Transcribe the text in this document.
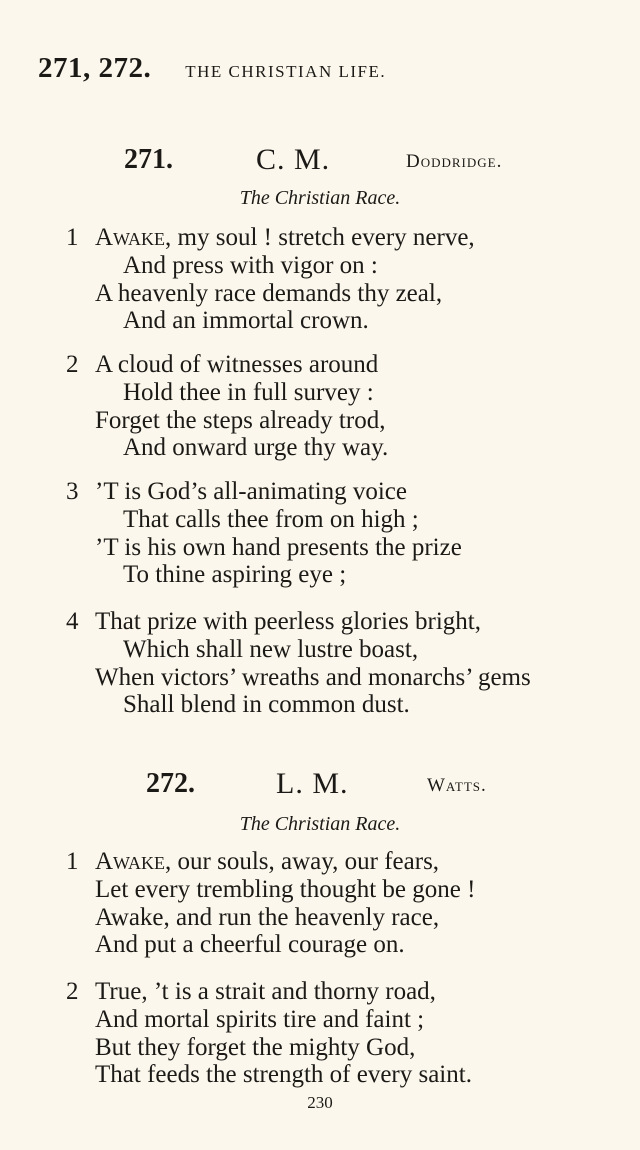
271, 272. THE CHRISTIAN LIFE.
271.	C. M.	Doddridge.
The Christian Race.
1 Awake, my soul ! stretch every nerve,
And press with vigor on :
A heavenly race demands thy zeal,
And an immortal crown.
2 A cloud of witnesses around
Hold thee in full survey :
Forget the steps already trod,
And onward urge thy way.
3 ’T is God’s all-animating voice
That calls thee from on high ;
’T is his own hand presents the prize
To thine aspiring eye ;
4 That prize with peerless glories bright,
Which shall new lustre boast,
When victors’ wreaths and monarchs’ gems
Shall blend in common dust.
272.	L. M.	Watts.
The Christian Race.
1 Awake, our souls, away, our fears,
Let every trembling thought be gone !
Awake, and run the heavenly race,
And put a cheerful courage on.
2 True, ’t is a strait and thorny road,
And mortal spirits tire and faint ;
But they forget the mighty God,
That feeds the strength of every saint.
230
